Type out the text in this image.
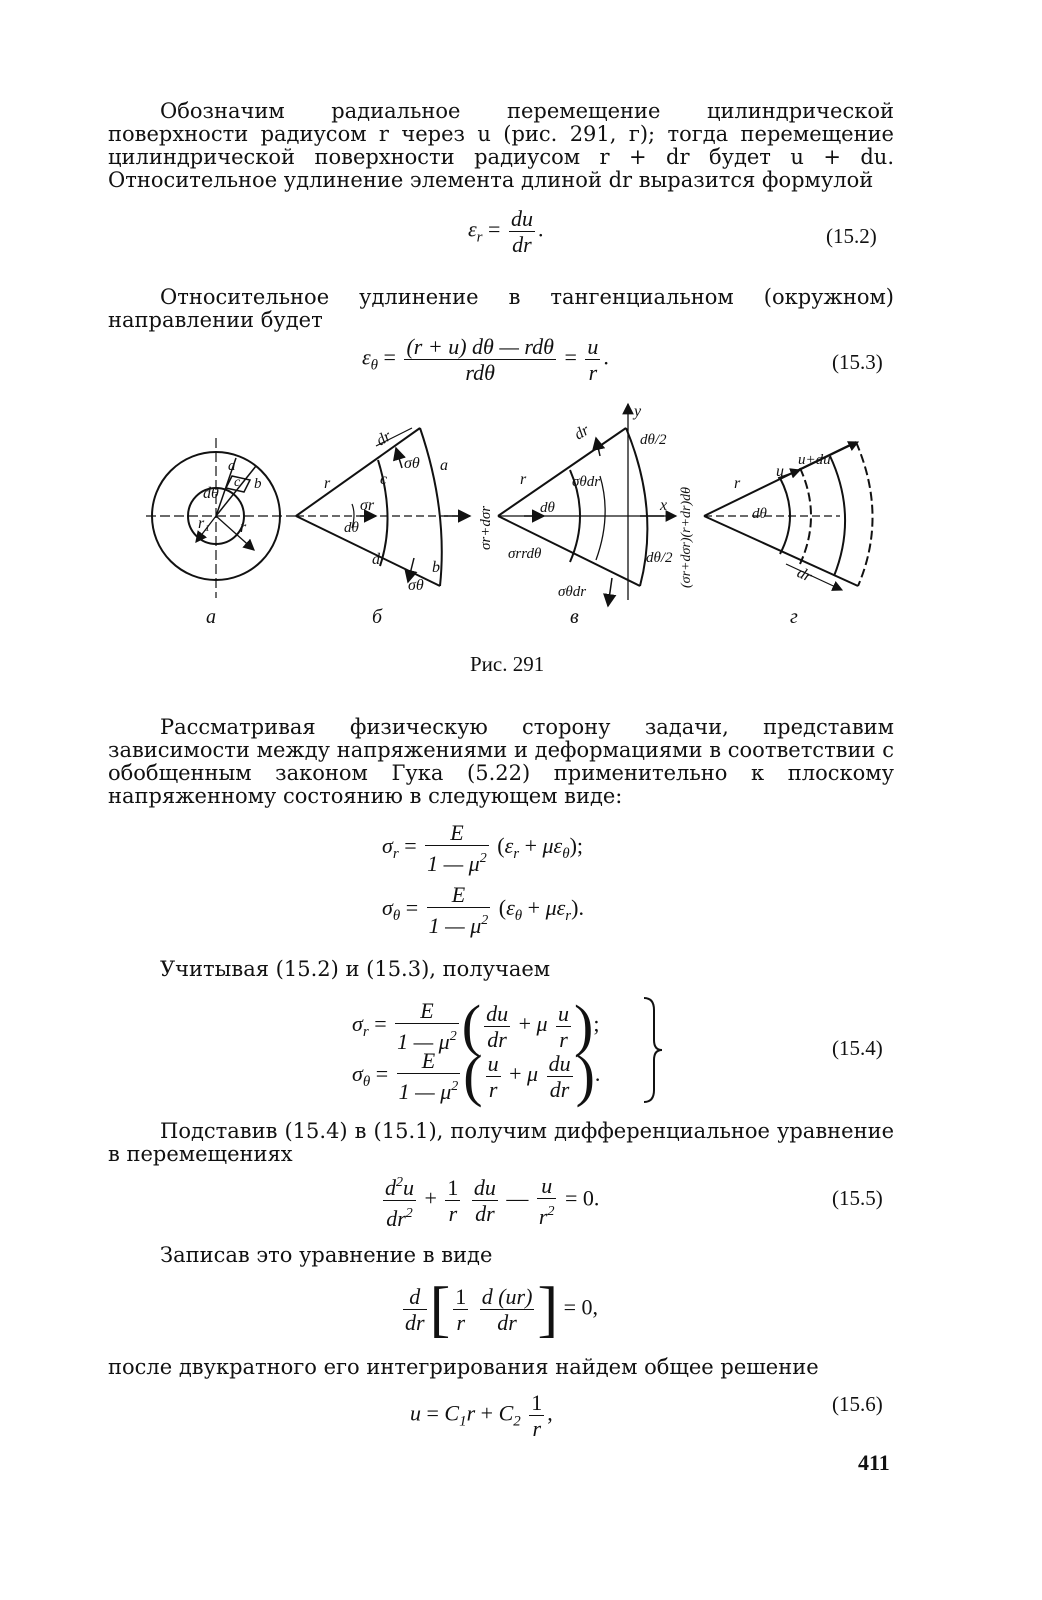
Обозначим радиальное перемещение цилиндрической поверхности радиусом r через u (рис. 291, г); тогда перемещение цилиндрической поверхности радиусом r + dr будет u + du. Относительное удлинение элемента длиной dr выразится формулой
$\varepsilon_r = \frac{du}{dr}$ .	(15.2)
Относительное удлинение в тангенциальном (окружном) направлении будет
$\varepsilon_\theta = \frac{\text{(r + u) dθ — rdθ}}{\text{rdθ}} = \frac{u}{r}$ .	(15.3)
dθ
a
c b
r₁ r
dr
r	c
a
σθ
σr
dθ
d	b
σθ
σr+dσr
dr
y
dθ/2
σθdr
r
dθ	x
σrrdθ	dθ/2
σθdr
(σr+dσr)(r+dr)dθ
r
u
u+du
dθ
dr
а	б	в	г
Рис. 291
Рассматривая физическую сторону задачи, представим зависимости между напряжениями и деформациями в соответствии с обобщенным законом Гука (5.22) применительно к плоскому напряженному состоянию в следующем виде:
$\sigma_r = \frac{E}{1 — \mu^2} (\varepsilon_r + \mu\varepsilon_\theta)$;
$\sigma_\theta = \frac{E}{1 — \mu^2} (\varepsilon_\theta + \mu\varepsilon_r)$.
Учитывая (15.2) и (15.3), получаем
$\sigma_r = \frac{E}{1 — \mu^2}$ ( $\frac{du}{dr} + \mu \frac{u}{r}$ );
$\sigma_\theta = \frac{E}{1 — \mu^2}$ ( $\frac{u}{r} + \mu \frac{du}{dr}$ ).
(15.4)
Подставив (15.4) в (15.1), получим дифференциальное уравнение в перемещениях
$\frac{d^2u}{dr^2} + \frac{1}{r}$
$\frac{du}{dr}$ — $\frac{u}{r^2} = 0$.	(15.5)
Записав это уравнение в виде
$\frac{d}{dr}$ [ $\frac{1}{r}$
$\frac{d (ur)}{dr}$ ] = 0,
после двукратного его интегрирования найдем общее решение
$u = C_1r + C_2 \frac{1}{r}$ ,	(15.6)
411
